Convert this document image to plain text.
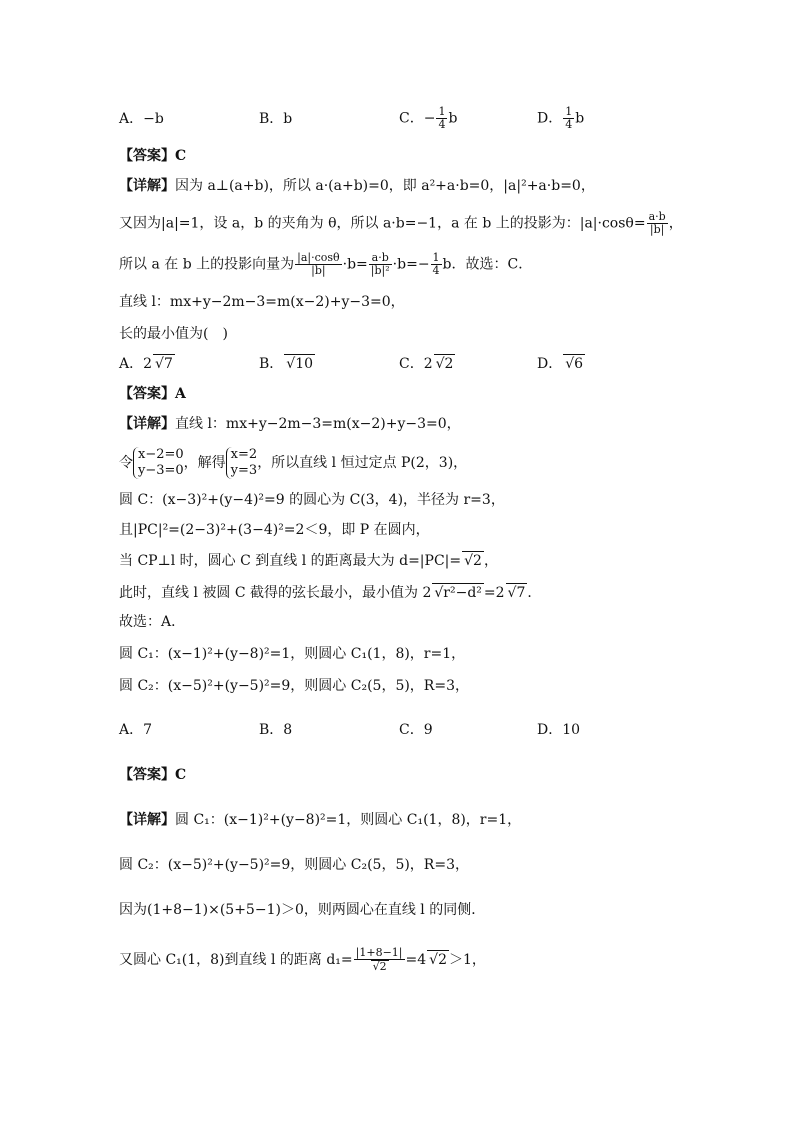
A．−b	B．b	C．− $\frac{1}{4}$ b	D． $\frac{1}{4}$ b
【答案】C
【详解】因为 a⊥(a+b)，所以 a·(a+b)=0，即 a²+a·b=0，|a|²+a·b=0，
又因为|a|=1，设 a，b 的夹角为 θ，所以 a·b=−1，a 在 b 上的投影为：$|a|\cdot\cos\theta= \frac{a\cdot b}{|b|}$ ，
所以 a 在 b 上的投影向量为 $\frac{|a|\cdot\cos\theta}{|b|} \cdot b= \frac{a\cdot b}{\text{|b|²}} \cdot b=- \frac{1}{4}$ b．故选：C．
直线 l：mx+y−2m−3=m(x−2)+y−3=0，
长的最小值为(　)
A．2 √7	B． √10	C．2 √2	D． √6
【答案】A
【详解】直线 l：mx+y−2m−3=m(x−2)+y−3=0，
令
x−2=0
y−3=0 ，解得
x=2
y=3 ，所以直线 l 恒过定点 P(2，3)，
圆 C：(x−3)²+(y−4)²=9 的圆心为 C(3，4)，半径为 r=3，
且|PC|²=(2−3)²+(3−4)²=2＜9，即 P 在圆内，
当 CP⊥l 时，圆心 C 到直线 l 的距离最大为 d=|PC|= √2 ，
此时，直线 l 被圆 C 截得的弦长最小，最小值为 2 √r²−d² =2 √7 ．
故选：A．
圆 C₁：(x−1)²+(y−8)²=1，则圆心 C₁(1，8)，r=1，
圆 C₂：(x−5)²+(y−5)²=9，则圆心 C₂(5，5)，R=3，
A．7	B．8	C．9	D．10
【答案】C
【详解】圆 C₁：(x−1)²+(y−8)²=1，则圆心 C₁(1，8)，r=1，
圆 C₂：(x−5)²+(y−5)²=9，则圆心 C₂(5，5)，R=3，
因为(1+8−1)×(5+5−1)＞0，则两圆心在直线 l 的同侧．
又圆心 C₁(1，8)到直线 l 的距离 $d_1= \frac{|1+8-1|}{√2} =4$ √2 ＞1，
